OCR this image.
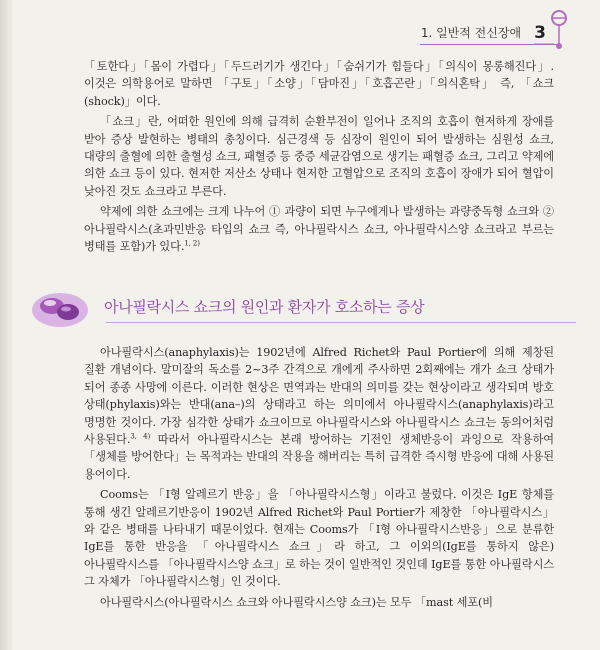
1. 일반적 전신장애 3

「토한다」「몸이 가렵다」「두드러기가 생긴다」「숨쉬기가 힘들다」「의식이 몽롱해진다」. 이것은 의학용어로 말하면 「구토」「소양」「담마진」「호흡곤란」「의식혼탁」 즉, 「쇼크(shock)」이다.

「쇼크」란, 어떠한 원인에 의해 급격히 순환부전이 일어나 조직의 호흡이 현저하게 장애를 받아 증상 발현하는 병태의 총칭이다. 심근경색 등 심장이 원인이 되어 발생하는 심원성 쇼크, 대량의 출혈에 의한 출혈성 쇼크, 패혈증 등 중증 세균감염으로 생기는 패혈증 쇼크, 그리고 약제에 의한 쇼크 등이 있다. 현저한 저산소 상태나 현저한 고혈압으로 조직의 호흡이 장애가 되어 혈압이 낮아진 것도 쇼크라고 부른다.

약제에 의한 쇼크에는 크게 나누어 ① 과량이 되면 누구에게나 발생하는 과량중독형 쇼크와 ② 아나필락시스(초과민반응 타입의 쇼크 즉, 아나필락시스 쇼크, 아나필락시스양 쇼크라고 부르는 병태를 포함)가 있다.$^{1, 2)}$

아나필락시스 쇼크의 원인과 환자가 호소하는 증상

아나필락시스(anaphylaxis)는 1902년에 Alfred Richet와 Paul Portier에 의해 제창된 질환 개념이다. 말미잘의 독소를 2~3주 간격으로 개에게 주사하면 2회째에는 개가 쇼크 상태가 되어 종종 사망에 이른다. 이러한 현상은 면역과는 반대의 의미를 갖는 현상이라고 생각되며 방호 상태(phylaxis)와는 반대(ana–)의 상태라고 하는 의미에서 아나필락시스(anaphylaxis)라고 명명한 것이다. 가장 심각한 상태가 쇼크이므로 아나필락시스와 아나필락시스 쇼크는 동의어처럼 사용된다.$^{3, 4)}$ 따라서 아나필락시스는 본래 방어하는 기전인 생체반응이 과잉으로 작용하여 「생체를 방어한다」는 목적과는 반대의 작용을 해버리는 특히 급격한 즉시형 반응에 대해 사용된 용어이다.

Cooms는 「I형 알레르기 반응」을 「아나필락시스형」이라고 불렀다. 이것은 IgE 항체를 통해 생긴 알레르기반응이 1902년 Alfred Richet와 Paul Portier가 제창한 「아나필락시스」와 같은 병태를 나타내기 때문이었다. 현재는 Cooms가 「I형 아나필락시스반응」으로 분류한 IgE를 통한 반응을 「아나필락시스 쇼크」라 하고, 그 이외의(IgE를 통하지 않은) 아나필락시스를 「아나필락시스양 쇼크」로 하는 것이 일반적인 것인데 IgE를 통한 아나필락시스 그 자체가 「아나필락시스형」인 것이다.

아나필락시스(아나필락시스 쇼크와 아나필락시스양 쇼크)는 모두 「mast 세포(비
